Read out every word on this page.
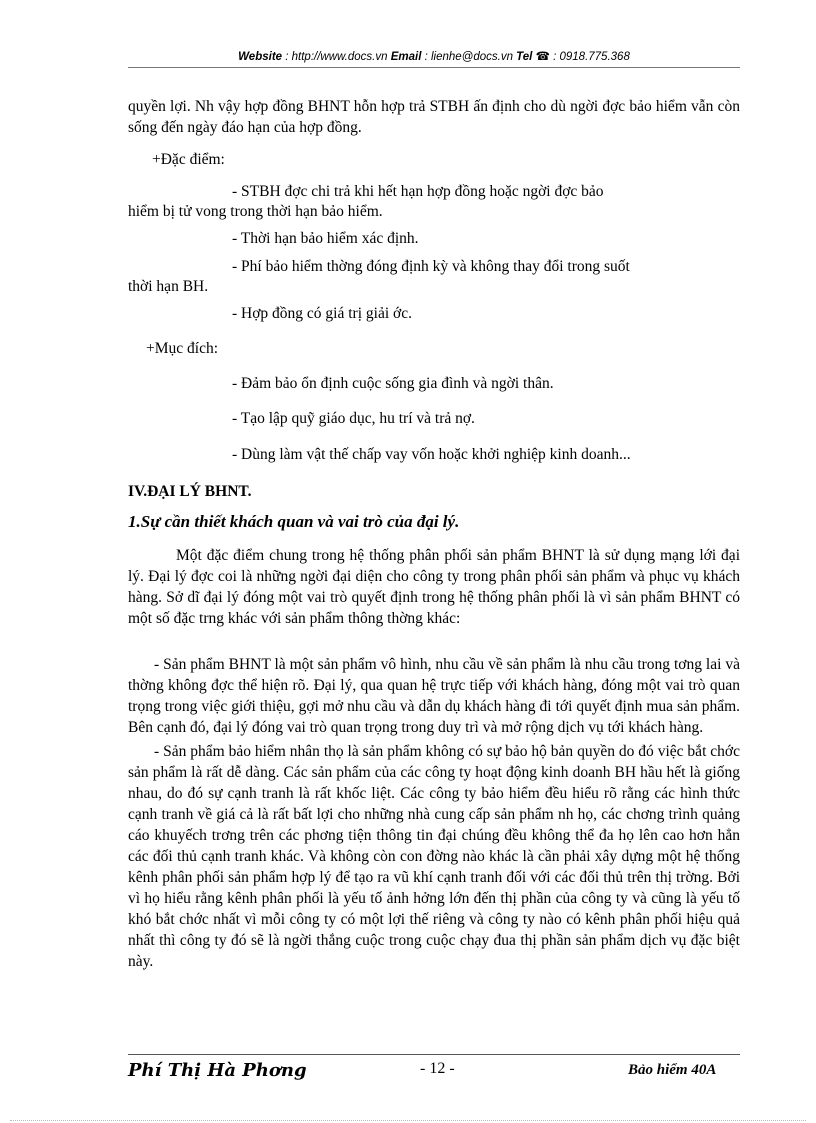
Website : http://www.docs.vn Email : lienhe@docs.vn Tel ☎ : 0918.775.368

quyền lợi. Nh vậy hợp đồng BHNT hỗn hợp trả STBH ấn định cho dù ngời đợc bảo hiểm vẫn còn sống đến ngày đáo hạn của hợp đồng.

+Đặc điểm:

- STBH đợc chi trả khi hết hạn hợp đồng hoặc ngời đợc bảo

hiểm bị tử vong trong thời hạn bảo hiểm.

- Thời hạn bảo hiểm xác định.

- Phí bảo hiểm thờng đóng định kỳ và không thay đổi trong suốt

thời hạn BH.

- Hợp đồng có giá trị giải ớc.

+Mục đích:

- Đảm bảo ổn định cuộc sống gia đình và ngời thân.

- Tạo lập quỹ giáo dục, hu trí và trả nợ.

- Dùng làm vật thế chấp vay vốn hoặc khởi nghiệp kinh doanh...

IV.ĐẠI LÝ BHNT.

1.Sự cần thiết khách quan và vai trò của đại lý.

Một đặc điểm chung trong hệ thống phân phối sản phẩm BHNT là sử dụng mạng lới đại lý. Đại lý đợc coi là những ngời đại diện cho công ty trong phân phối sản phẩm và phục vụ khách hàng. Sở dĩ đại lý đóng một vai trò quyết định trong hệ thống phân phối là vì sản phẩm BHNT có một số đặc trng khác với sản phẩm thông thờng khác:

- Sản phẩm BHNT là một sản phẩm vô hình, nhu cầu về sản phẩm là nhu cầu trong tơng lai và thờng không đợc thể hiện rõ. Đại lý, qua quan hệ trực tiếp với khách hàng, đóng một vai trò quan trọng trong việc giới thiệu, gợi mở nhu cầu và dẫn dụ khách hàng đi tới quyết định mua sản phẩm. Bên cạnh đó, đại lý đóng vai trò quan trọng trong duy trì và mở rộng dịch vụ tới khách hàng.

- Sản phẩm bảo hiểm nhân thọ là sản phẩm không có sự bảo hộ bản quyền do đó việc bắt chớc sản phẩm là rất dễ dàng. Các sản phẩm của các công ty hoạt động kinh doanh BH hầu hết là giống nhau, do đó sự cạnh tranh là rất khốc liệt. Các công ty bảo hiểm đều hiểu rõ rằng các hình thức cạnh tranh về giá cả là rất bất lợi cho những nhà cung cấp sản phẩm nh họ, các chơng trình quảng cáo khuyếch trơng trên các phơng tiện thông tin đại chúng đều không thể đa họ lên cao hơn hẳn các đối thủ cạnh tranh khác. Và không còn con đờng nào khác là cần phải xây dựng một hệ thống kênh phân phối sản phẩm hợp lý để tạo ra vũ khí cạnh tranh đối với các đối thủ trên thị trờng. Bởi vì họ hiểu rằng kênh phân phối là yếu tố ảnh hởng lớn đến thị phần của công ty và cũng là yếu tố khó bắt chớc nhất vì mỗi công ty có một lợi thế riêng và công ty nào có kênh phân phối hiệu quả nhất thì công ty đó sẽ là ngời thắng cuộc trong cuộc chạy đua thị phần sản phẩm dịch vụ đặc biệt này.

Phí Thị Hà Phơng	- 12 -	Bảo hiểm 40A
